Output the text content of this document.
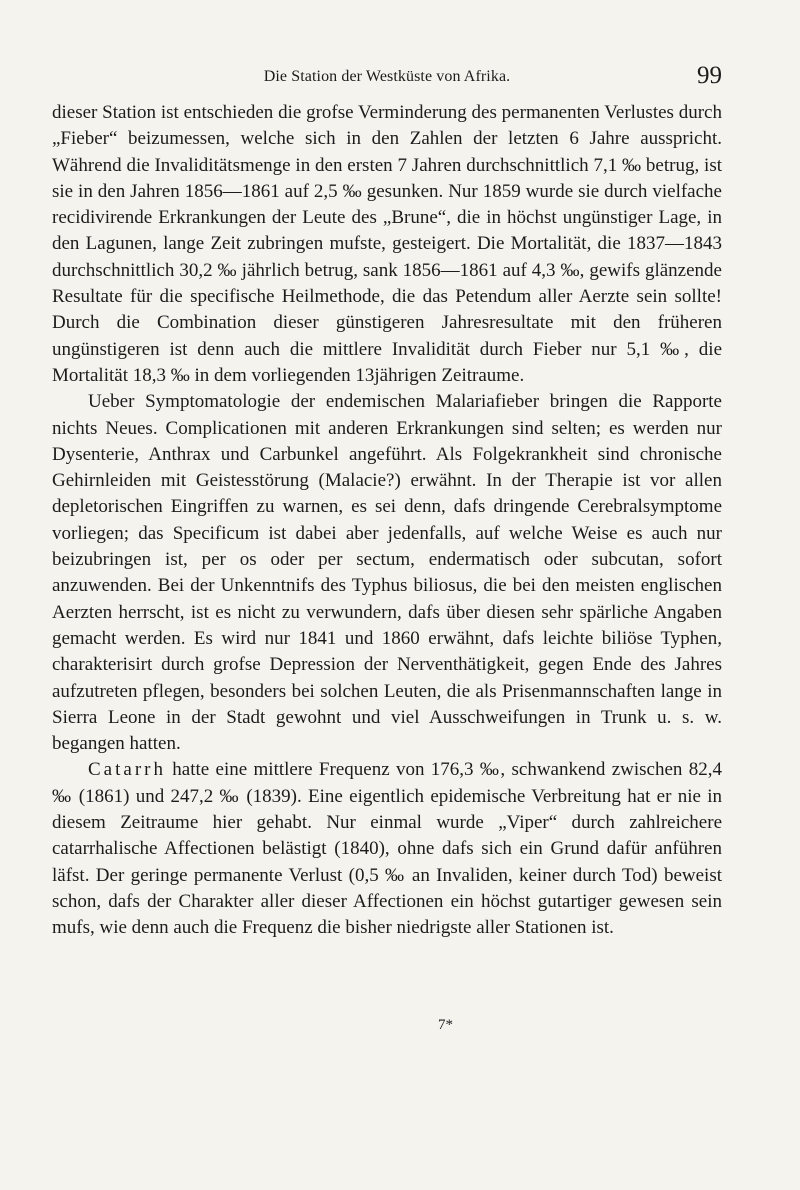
Die Station der Westküste von Afrika.	99

dieser Station ist entschieden die grofse Verminderung des permanenten Verlustes durch „Fieber“ beizumessen, welche sich in den Zahlen der letzten 6 Jahre ausspricht. Während die Invaliditätsmenge in den ersten 7 Jahren durchschnittlich 7,1 ‰ betrug, ist sie in den Jahren 1856—1861 auf 2,5 ‰ gesunken. Nur 1859 wurde sie durch vielfache recidivirende Erkrankungen der Leute des „Brune“, die in höchst ungünstiger Lage, in den Lagunen, lange Zeit zubringen mufste, gesteigert. Die Mortalität, die 1837—1843 durchschnittlich 30,2 ‰ jährlich betrug, sank 1856—1861 auf 4,3 ‰, gewifs glänzende Resultate für die specifische Heilmethode, die das Petendum aller Aerzte sein sollte! Durch die Combination dieser günstigeren Jahresresultate mit den früheren ungünstigeren ist denn auch die mittlere Invalidität durch Fieber nur 5,1 ‰, die Mortalität 18,3 ‰ in dem vorliegenden 13jährigen Zeitraume.

Ueber Symptomatologie der endemischen Malariafieber bringen die Rapporte nichts Neues. Complicationen mit anderen Erkrankungen sind selten; es werden nur Dysenterie, Anthrax und Carbunkel angeführt. Als Folgekrankheit sind chronische Gehirnleiden mit Geistesstörung (Malacie?) erwähnt. In der Therapie ist vor allen depletorischen Eingriffen zu warnen, es sei denn, dafs dringende Cerebralsymptome vorliegen; das Specificum ist dabei aber jedenfalls, auf welche Weise es auch nur beizubringen ist, per os oder per sectum, endermatisch oder subcutan, sofort anzuwenden. Bei der Unkenntnifs des Typhus biliosus, die bei den meisten englischen Aerzten herrscht, ist es nicht zu verwundern, dafs über diesen sehr spärliche Angaben gemacht werden. Es wird nur 1841 und 1860 erwähnt, dafs leichte biliöse Typhen, charakterisirt durch grofse Depression der Nerventhätigkeit, gegen Ende des Jahres aufzutreten pflegen, besonders bei solchen Leuten, die als Prisenmannschaften lange in Sierra Leone in der Stadt gewohnt und viel Ausschweifungen in Trunk u. s. w. begangen hatten.

Catarrh hatte eine mittlere Frequenz von 176,3 ‰, schwankend zwischen 82,4 ‰ (1861) und 247,2 ‰ (1839). Eine eigentlich epidemische Verbreitung hat er nie in diesem Zeitraume hier gehabt. Nur einmal wurde „Viper“ durch zahlreichere catarrhalische Affectionen belästigt (1840), ohne dafs sich ein Grund dafür anführen läfst. Der geringe permanente Verlust (0,5 ‰ an Invaliden, keiner durch Tod) beweist schon, dafs der Charakter aller dieser Affectionen ein höchst gutartiger gewesen sein mufs, wie denn auch die Frequenz die bisher niedrigste aller Stationen ist.

7*
